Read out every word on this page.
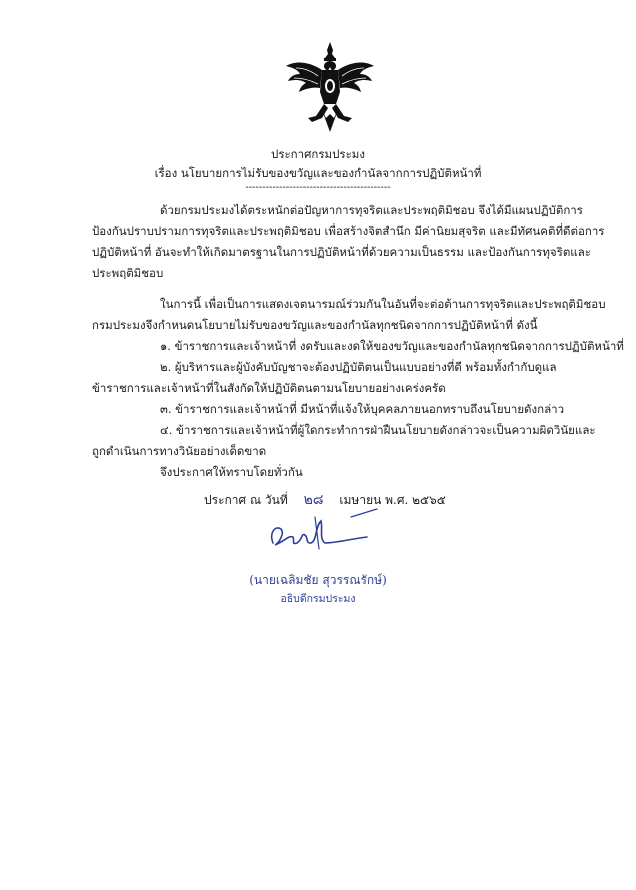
ประกาศกรมประมง
เรื่อง นโยบายการไม่รับของขวัญและของกำนัลจากการปฏิบัติหน้าที่
-------------------------------------------
ด้วยกรมประมงได้ตระหนักต่อปัญหาการทุจริตและประพฤติมิชอบ จึงได้มีแผนปฏิบัติการ
ป้องกันปราบปรามการทุจริตและประพฤติมิชอบ เพื่อสร้างจิตสำนึก มีค่านิยมสุจริต และมีทัศนคติที่ดีต่อการ
ปฏิบัติหน้าที่ อันจะทำให้เกิดมาตรฐานในการปฏิบัติหน้าที่ด้วยความเป็นธรรม และป้องกันการทุจริตและ
ประพฤติมิชอบ
ในการนี้ เพื่อเป็นการแสดงเจตนารมณ์ร่วมกันในอันที่จะต่อต้านการทุจริตและประพฤติมิชอบ
กรมประมงจึงกำหนดนโยบายไม่รับของขวัญและของกำนัลทุกชนิดจากการปฏิบัติหน้าที่ ดังนี้
๑. ข้าราชการและเจ้าหน้าที่ งดรับและงดให้ของขวัญและของกำนัลทุกชนิดจากการปฏิบัติหน้าที่
๒. ผู้บริหารและผู้บังคับบัญชาจะต้องปฏิบัติตนเป็นแบบอย่างที่ดี พร้อมทั้งกำกับดูแล
ข้าราชการและเจ้าหน้าที่ในสังกัดให้ปฏิบัติตนตามนโยบายอย่างเคร่งครัด
๓. ข้าราชการและเจ้าหน้าที่ มีหน้าที่แจ้งให้บุคคลภายนอกทราบถึงนโยบายดังกล่าว
๔. ข้าราชการและเจ้าหน้าที่ผู้ใดกระทำการฝ่าฝืนนโยบายดังกล่าวจะเป็นความผิดวินัยและ
ถูกดำเนินการทางวินัยอย่างเด็ดขาด
จึงประกาศให้ทราบโดยทั่วกัน
ประกาศ ณ วันที่ ๒๘ เมษายน พ.ศ. ๒๕๖๕
(นายเฉลิมชัย สุวรรณรักษ์)
อธิบดีกรมประมง
